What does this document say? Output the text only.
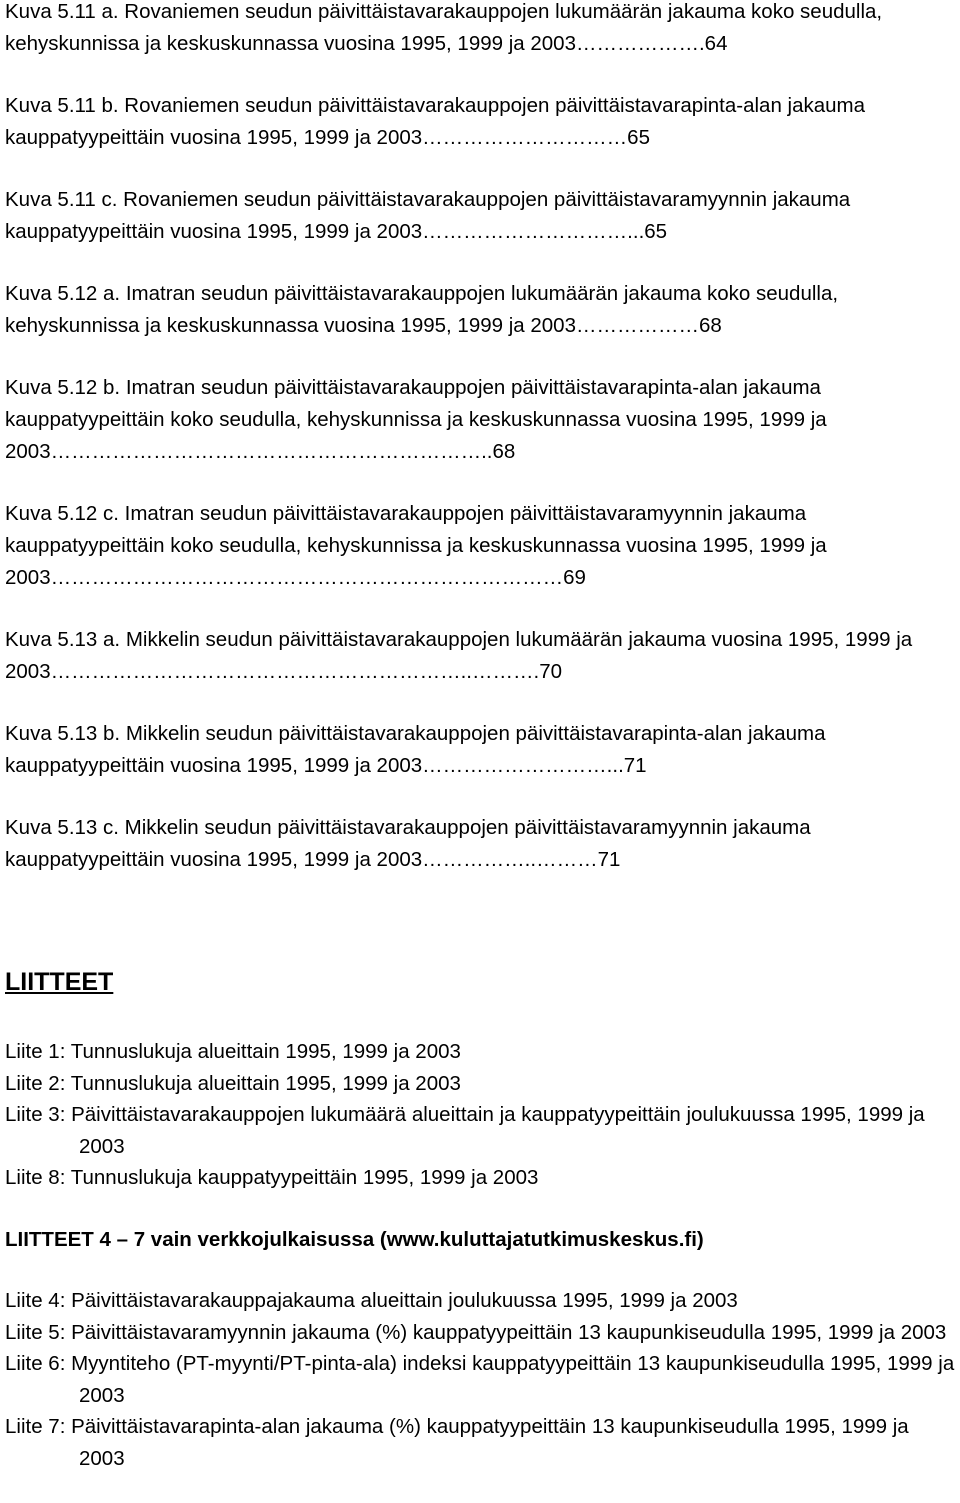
Kuva 5.11 a. Rovaniemen seudun päivittäistavarakauppojen lukumäärän jakauma koko seudulla, kehyskunnissa ja keskuskunnassa vuosina 1995, 1999 ja 2003……………….64

Kuva 5.11 b. Rovaniemen seudun päivittäistavarakauppojen päivittäistavarapinta-alan jakauma kauppatyypeittäin vuosina 1995, 1999 ja 2003…………………………65

Kuva 5.11 c. Rovaniemen seudun päivittäistavarakauppojen päivittäistavaramyynnin jakauma kauppatyypeittäin vuosina 1995, 1999 ja 2003…………………………...65

Kuva 5.12 a. Imatran seudun päivittäistavarakauppojen lukumäärän jakauma koko seudulla, kehyskunnissa ja keskuskunnassa vuosina 1995, 1999 ja 2003………………68

Kuva 5.12 b. Imatran seudun päivittäistavarakauppojen päivittäistavarapinta-alan jakauma kauppatyypeittäin koko seudulla, kehyskunnissa ja keskuskunnassa vuosina 1995, 1999 ja 2003………………………………………………………..68

Kuva 5.12 c. Imatran seudun päivittäistavarakauppojen päivittäistavaramyynnin jakauma kauppatyypeittäin koko seudulla, kehyskunnissa ja keskuskunnassa vuosina 1995, 1999 ja 2003…………………………………………………………………69

Kuva 5.13 a. Mikkelin seudun päivittäistavarakauppojen lukumäärän jakauma vuosina 1995, 1999 ja 2003……………………………………………………..……….70

Kuva 5.13 b. Mikkelin seudun päivittäistavarakauppojen päivittäistavarapinta-alan jakauma kauppatyypeittäin vuosina 1995, 1999 ja 2003………………………...71

Kuva 5.13 c. Mikkelin seudun päivittäistavarakauppojen päivittäistavaramyynnin jakauma kauppatyypeittäin vuosina 1995, 1999 ja 2003……………..………71

LIITTEET

Liite 1: Tunnuslukuja alueittain 1995, 1999 ja 2003

Liite 2: Tunnuslukuja alueittain 1995, 1999 ja 2003

Liite 3: Päivittäistavarakauppojen lukumäärä alueittain ja kauppatyypeittäin joulukuussa 1995, 1999 ja 2003

Liite 8: Tunnuslukuja kauppatyypeittäin 1995, 1999 ja 2003

LIITTEET 4 – 7 vain verkkojulkaisussa (www.kuluttajatutkimuskeskus.fi)

Liite 4: Päivittäistavarakauppajakauma alueittain joulukuussa 1995, 1999 ja 2003

Liite 5: Päivittäistavaramyynnin jakauma (%) kauppatyypeittäin 13 kaupunkiseudulla 1995, 1999 ja 2003

Liite 6: Myyntiteho (PT-myynti/PT-pinta-ala) indeksi kauppatyypeittäin 13 kaupunkiseudulla 1995, 1999 ja 2003

Liite 7: Päivittäistavarapinta-alan jakauma (%) kauppatyypeittäin 13 kaupunkiseudulla 1995, 1999 ja 2003
